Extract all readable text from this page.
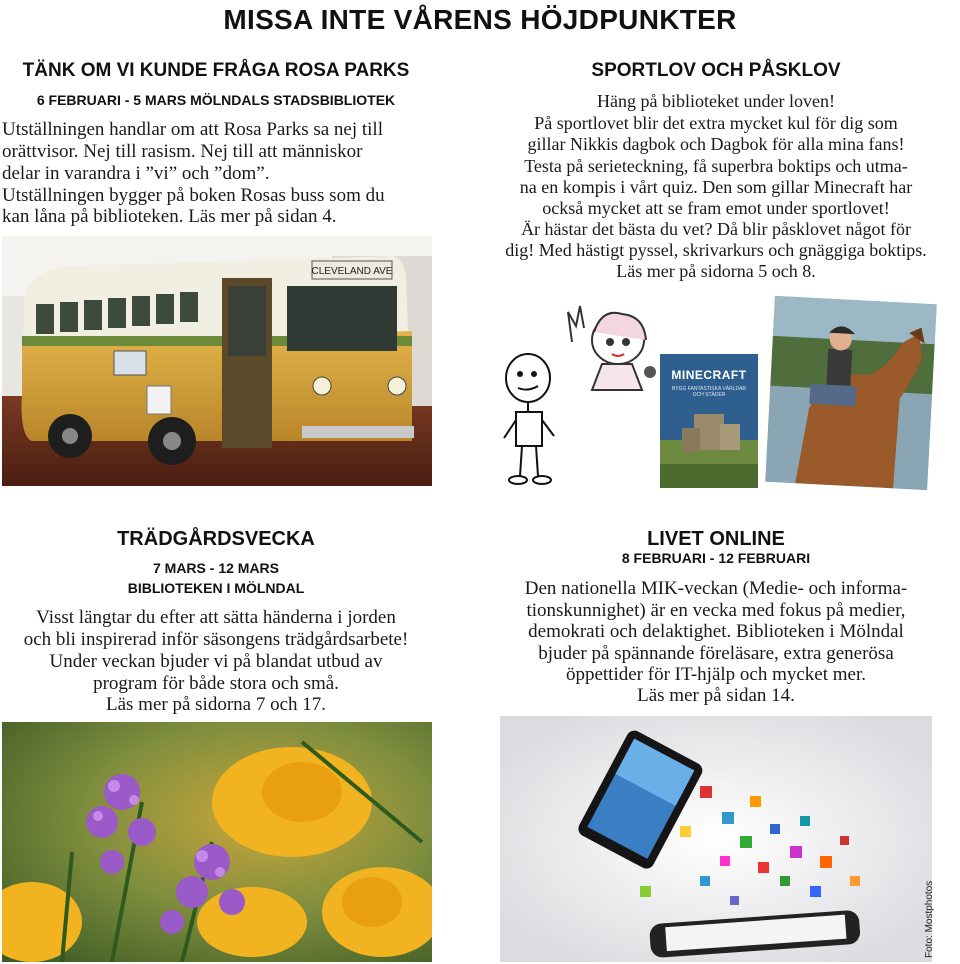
MISSA INTE VÅRENS HÖJDPUNKTER
TÄNK OM VI KUNDE FRÅGA ROSA PARKS
6 FEBRUARI - 5 MARS MÖLNDALS STADSBIBLIOTEK
Utställningen handlar om att Rosa Parks sa nej till
orättvisor. Nej till rasism. Nej till att människor
delar in varandra i ”vi” och ”dom”.
Utställningen bygger på boken Rosas buss som du
kan låna på biblioteken. Läs mer på sidan 4.
CLEVELAND AVE
SPORTLOV OCH PÅSKLOV
Häng på biblioteket under loven!
På sportlovet blir det extra mycket kul för dig som
gillar Nikkis dagbok och Dagbok för alla mina fans!
Testa på serieteckning, få superbra boktips och utma-
na en kompis i vårt quiz. Den som gillar Minecraft har
också mycket att se fram emot under sportlovet!
Är hästar det bästa du vet? Då blir påsklovet något för
dig! Med hästigt pyssel, skrivarkurs och gnäggiga boktips.
Läs mer på sidorna 5 och 8.
MINECRAFT
BYGG FANTASTISKA VÄRLDAR OCH STÄDER
TRÄDGÅRDSVECKA
7 MARS - 12 MARS
BIBLIOTEKEN I MÖLNDAL
Visst längtar du efter att sätta händerna i jorden
och bli inspirerad inför säsongens trädgårdsarbete!
Under veckan bjuder vi på blandat utbud av
program för både stora och små.
Läs mer på sidorna 7 och 17.
LIVET ONLINE
8 FEBRUARI - 12 FEBRUARI
Den nationella MIK-veckan (Medie- och informa-
tionskunnighet) är en vecka med fokus på medier,
demokrati och delaktighet. Biblioteken i Mölndal
bjuder på spännande föreläsare, extra generösa
öppettider för IT-hjälp och mycket mer.
Läs mer på sidan 14.
Foto: Mostphotos
